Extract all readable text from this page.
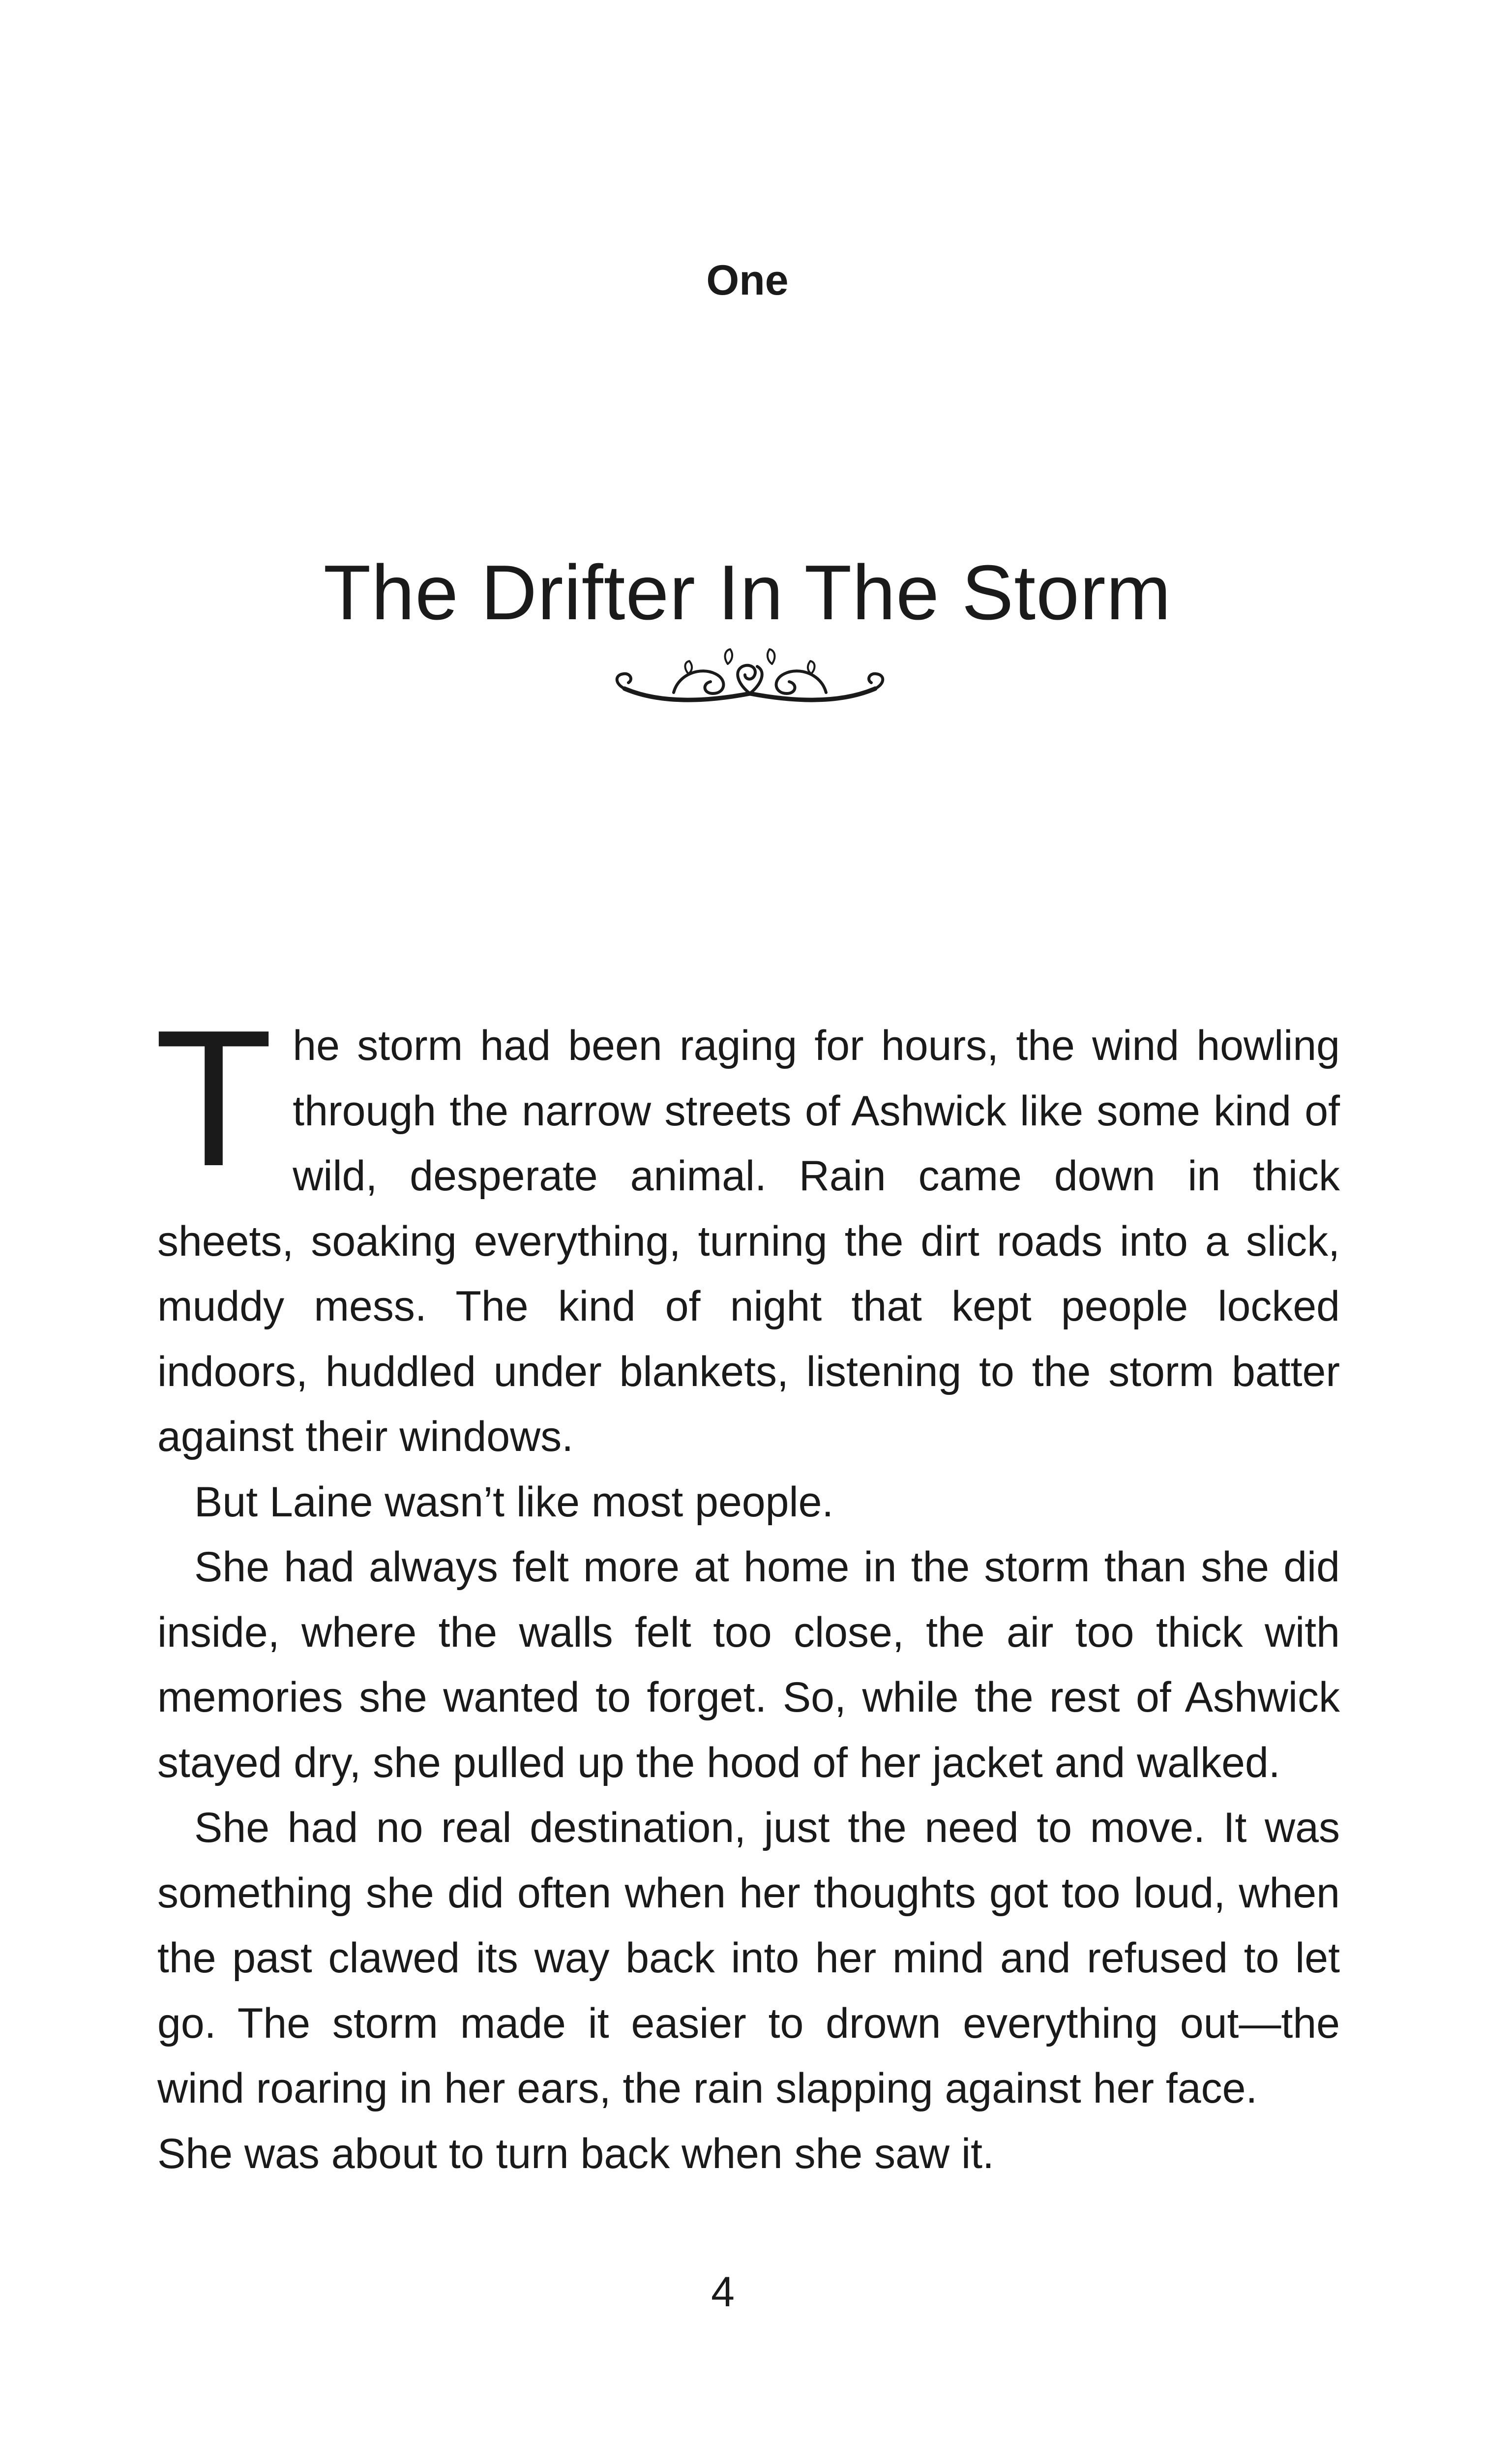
One
The Drifter In The Storm

The storm had been raging for hours, the wind howling through the narrow streets of Ashwick like some kind of wild, desperate animal. Rain came down in thick sheets, soaking everything, turning the dirt roads into a slick, muddy mess. The kind of night that kept people locked indoors, huddled under blankets, listening to the storm batter against their windows.

But Laine wasn’t like most people.

She had always felt more at home in the storm than she did inside, where the walls felt too close, the air too thick with memories she wanted to forget. So, while the rest of Ashwick stayed dry, she pulled up the hood of her jacket and walked.

She had no real destination, just the need to move. It was something she did often when her thoughts got too loud, when the past clawed its way back into her mind and refused to let go. The storm made it easier to drown everything out—the wind roaring in her ears, the rain slapping against her face.

She was about to turn back when she saw it.

4
